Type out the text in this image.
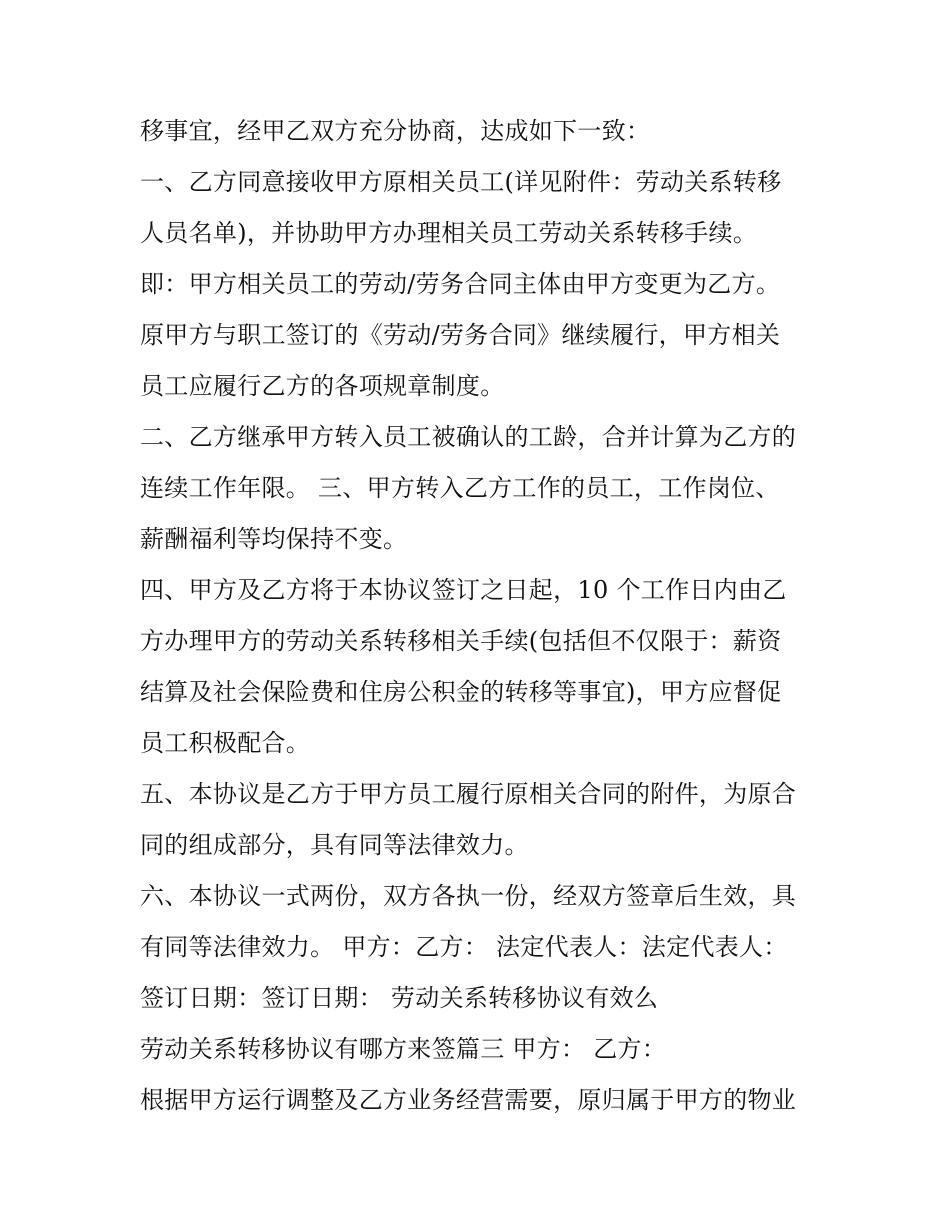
移事宜，经甲乙双方充分协商，达成如下一致：
一、乙方同意接收甲方原相关员工(详见附件：劳动关系转移
人员名单)，并协助甲方办理相关员工劳动关系转移手续。
即：甲方相关员工的劳动/劳务合同主体由甲方变更为乙方。
原甲方与职工签订的《劳动/劳务合同》继续履行，甲方相关
员工应履行乙方的各项规章制度。
二、乙方继承甲方转入员工被确认的工龄，合并计算为乙方的
连续工作年限。 三、甲方转入乙方工作的员工，工作岗位、
薪酬福利等均保持不变。
四、甲方及乙方将于本协议签订之日起，10 个工作日内由乙
方办理甲方的劳动关系转移相关手续(包括但不仅限于：薪资
结算及社会保险费和住房公积金的转移等事宜)，甲方应督促
员工积极配合。
五、本协议是乙方于甲方员工履行原相关合同的附件，为原合
同的组成部分，具有同等法律效力。
六、本协议一式两份，双方各执一份，经双方签章后生效，具
有同等法律效力。 甲方：乙方： 法定代表人：法定代表人：
签订日期：签订日期： 劳动关系转移协议有效么
劳动关系转移协议有哪方来签篇三 甲方： 乙方：
根据甲方运行调整及乙方业务经营需要，原归属于甲方的物业
